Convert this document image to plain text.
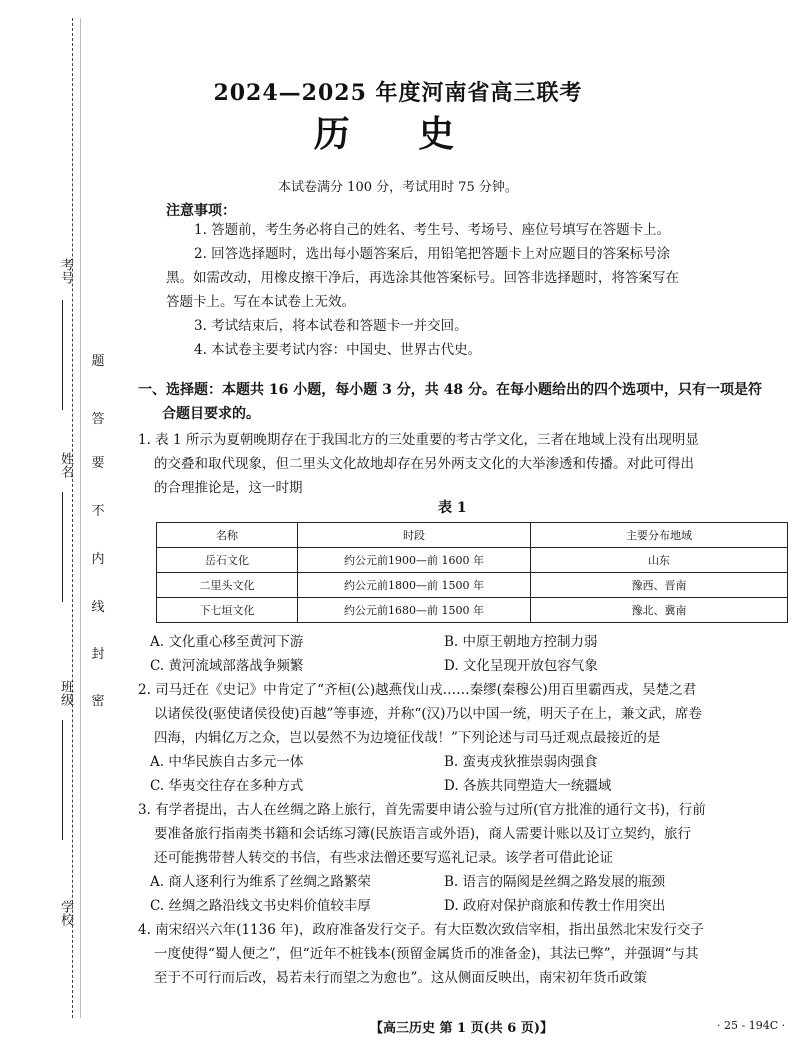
考号
姓名
班级
学校
题
答
要
不
内
线
封
密
2024—2025 年度河南省高三联考
历 史
本试卷满分 100 分，考试用时 75 分钟。
注意事项：
1. 答题前，考生务必将自己的姓名、考生号、考场号、座位号填写在答题卡上。
2. 回答选择题时，选出每小题答案后，用铅笔把答题卡上对应题目的答案标号涂
黑。如需改动，用橡皮擦干净后，再选涂其他答案标号。回答非选择题时，将答案写在
答题卡上。写在本试卷上无效。
3. 考试结束后，将本试卷和答题卡一并交回。
4. 本试卷主要考试内容：中国史、世界古代史。
一、选择题：本题共 16 小题，每小题 3 分，共 48 分。在每小题给出的四个选项中，只有一项是符
合题目要求的。
1. 表 1 所示为夏朝晚期存在于我国北方的三处重要的考古学文化，三者在地域上没有出现明显
的交叠和取代现象，但二里头文化故地却存在另外两支文化的大举渗透和传播。对此可得出
的合理推论是，这一时期
表 1
名称	时段	主要分布地域
岳石文化	约公元前1900—前 1600 年	山东
二里头文化	约公元前1800—前 1500 年	豫西、晋南
下七垣文化	约公元前1680—前 1500 年	豫北、冀南
A. 文化重心移至黄河下游	B. 中原王朝地方控制力弱
C. 黄河流域部落战争频繁	D. 文化呈现开放包容气象
2. 司马迁在《史记》中肯定了“齐桓(公)越燕伐山戎……秦缪(秦穆公)用百里霸西戎，吴楚之君
以诸侯役(驱使诸侯役使)百越”等事迹，并称“(汉)乃以中国一统，明天子在上，兼文武，席卷
四海，内辑亿万之众，岂以晏然不为边境征伐哉！”下列论述与司马迁观点最接近的是
A. 中华民族自古多元一体	B. 蛮夷戎狄推崇弱肉强食
C. 华夷交往存在多种方式	D. 各族共同塑造大一统疆域
3. 有学者提出，古人在丝绸之路上旅行，首先需要申请公验与过所(官方批准的通行文书)，行前
要准备旅行指南类书籍和会话练习簿(民族语言或外语)，商人需要计账以及订立契约，旅行
还可能携带替人转交的书信，有些求法僧还要写巡礼记录。该学者可借此论证
A. 商人逐利行为维系了丝绸之路繁荣	B. 语言的隔阂是丝绸之路发展的瓶颈
C. 丝绸之路沿线文书史料价值较丰厚	D. 政府对保护商旅和传教士作用突出
4. 南宋绍兴六年(1136 年)，政府准备发行交子。有大臣数次致信宰相，指出虽然北宋发行交子
一度使得“蜀人便之”，但“近年不桩钱本(预留金属货币的准备金)，其法已弊”，并强调“与其
至于不可行而后改，曷若未行而望之为愈也”。这从侧面反映出，南宋初年货币政策
【高三历史 第 1 页(共 6 页)】	· 25 - 194C ·
